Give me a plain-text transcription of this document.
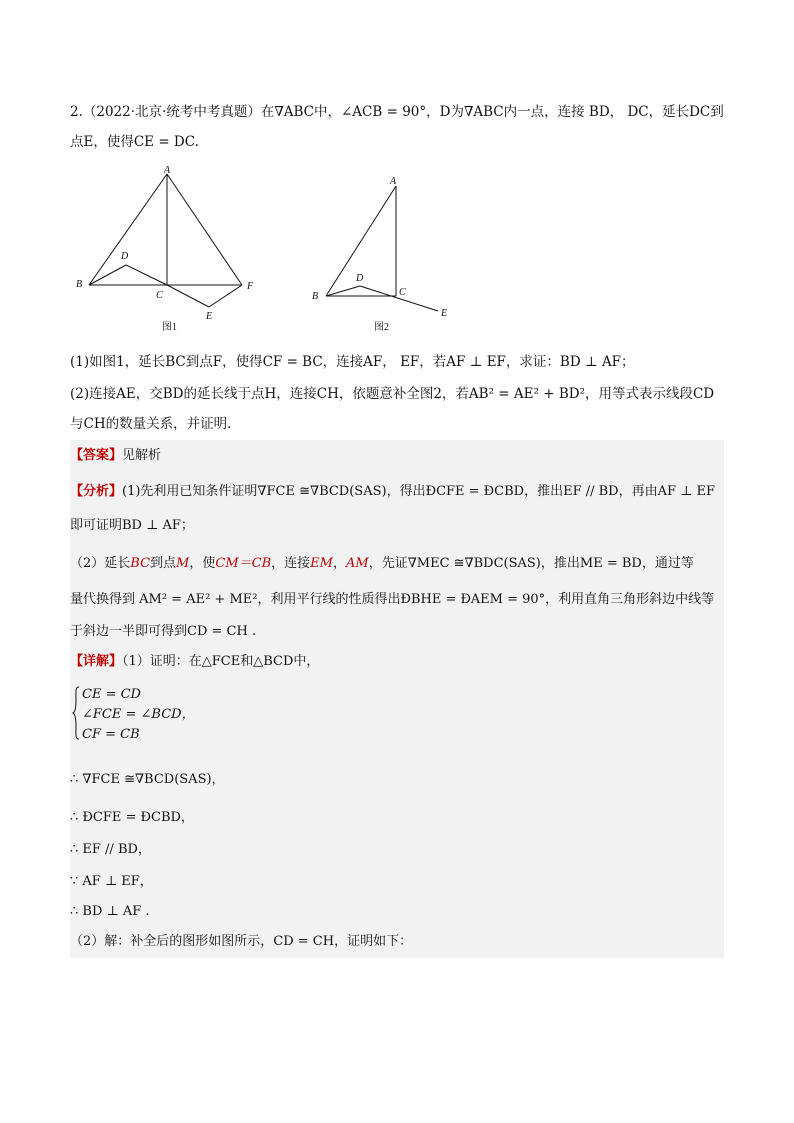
2.（2022·北京·统考中考真题）在∇ABC中，∠ACB = 90°，D为∇ABC内一点，连接 BD， DC，延长DC到
点E，使得CE = DC.
A
B
C
D
E
F
图1
A
B	C
D
E
图2
(1)如图1，延长BC到点F，使得CF = BC，连接AF， EF，若AF ⊥ EF，求证：BD ⊥ AF；
(2)连接AE，交BD的延长线于点H，连接CH，依题意补全图2，若AB² = AE² + BD²，用等式表示线段CD
与CH的数量关系，并证明.
【答案】见解析
【分析】(1)先利用已知条件证明∇FCE ≅∇BCD(SAS)，得出ÐCFE = ÐCBD，推出EF // BD，再由AF ⊥ EF
即可证明BD ⊥ AF；
（2）延长BC到点M，使CM＝CB，连接EM，AM，先证∇MEC ≅∇BDC(SAS)，推出ME = BD，通过等
量代换得到 AM² = AE² + ME²，利用平行线的性质得出ÐBHE = ÐAEM = 90°，利用直角三角形斜边中线等
于斜边一半即可得到CD = CH .
【详解】（1）证明：在△FCE和△BCD中，
CE = CD
∠FCE = ∠BCD，
CF = CB
∴ ∇FCE ≅∇BCD(SAS)，
∴ ÐCFE = ÐCBD，
∴ EF // BD，
∵ AF ⊥ EF，
∴ BD ⊥ AF .
（2）解：补全后的图形如图所示，CD = CH，证明如下：
